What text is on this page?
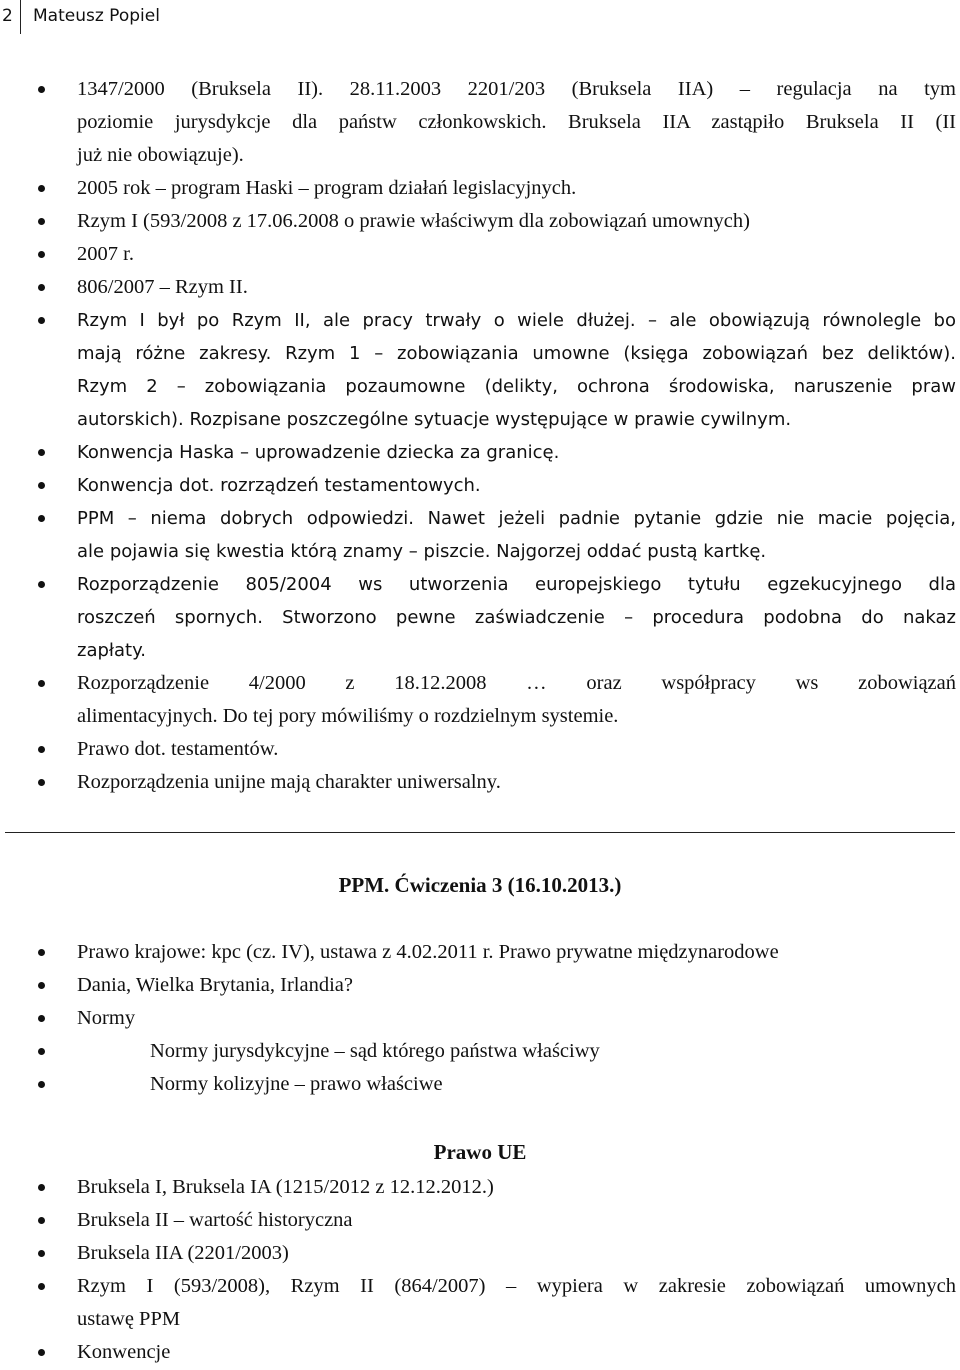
2 Mateusz Popiel
1347/2000 (Bruksela II). 28.11.2003 2201/203 (Bruksela IIA) – regulacja na tym
poziomie jurysdykcje dla państw członkowskich. Bruksela IIA zastąpiło Bruksela II (II
już nie obowiązuje).
2005 rok – program Haski – program działań legislacyjnych.
Rzym I (593/2008 z 17.06.2008 o prawie właściwym dla zobowiązań umownych)
2007 r.
806/2007 – Rzym II.
Rzym I był po Rzym II, ale pracy trwały o wiele dłużej. – ale obowiązują równolegle bo
mają różne zakresy. Rzym 1 – zobowiązania umowne (księga zobowiązań bez deliktów).
Rzym 2 – zobowiązania pozaumowne (delikty, ochrona środowiska, naruszenie praw
autorskich). Rozpisane poszczególne sytuacje występujące w prawie cywilnym.
Konwencja Haska – uprowadzenie dziecka za granicę.
Konwencja dot. rozrządzeń testamentowych.
PPM – niema dobrych odpowiedzi. Nawet jeżeli padnie pytanie gdzie nie macie pojęcia,
ale pojawia się kwestia którą znamy – piszcie. Najgorzej oddać pustą kartkę.
Rozporządzenie 805/2004 ws utworzenia europejskiego tytułu egzekucyjnego dla
roszczeń spornych. Stworzono pewne zaświadczenie – procedura podobna do nakaz
zapłaty.
Rozporządzenie 4/2000 z 18.12.2008 … oraz współpracy ws zobowiązań
alimentacyjnych. Do tej pory mówiliśmy o rozdzielnym systemie.
Prawo dot. testamentów.
Rozporządzenia unijne mają charakter uniwersalny.
PPM. Ćwiczenia 3 (16.10.2013.)
Prawo krajowe: kpc (cz. IV), ustawa z 4.02.2011 r. Prawo prywatne międzynarodowe
Dania, Wielka Brytania, Irlandia?
Normy
Normy jurysdykcyjne – sąd którego państwa właściwy
Normy kolizyjne – prawo właściwe
Prawo UE
Bruksela I, Bruksela IA (1215/2012 z 12.12.2012.)
Bruksela II – wartość historyczna
Bruksela IIA (2201/2003)
Rzym I (593/2008), Rzym II (864/2007) – wypiera w zakresie zobowiązań umownych
ustawę PPM
Konwencje
